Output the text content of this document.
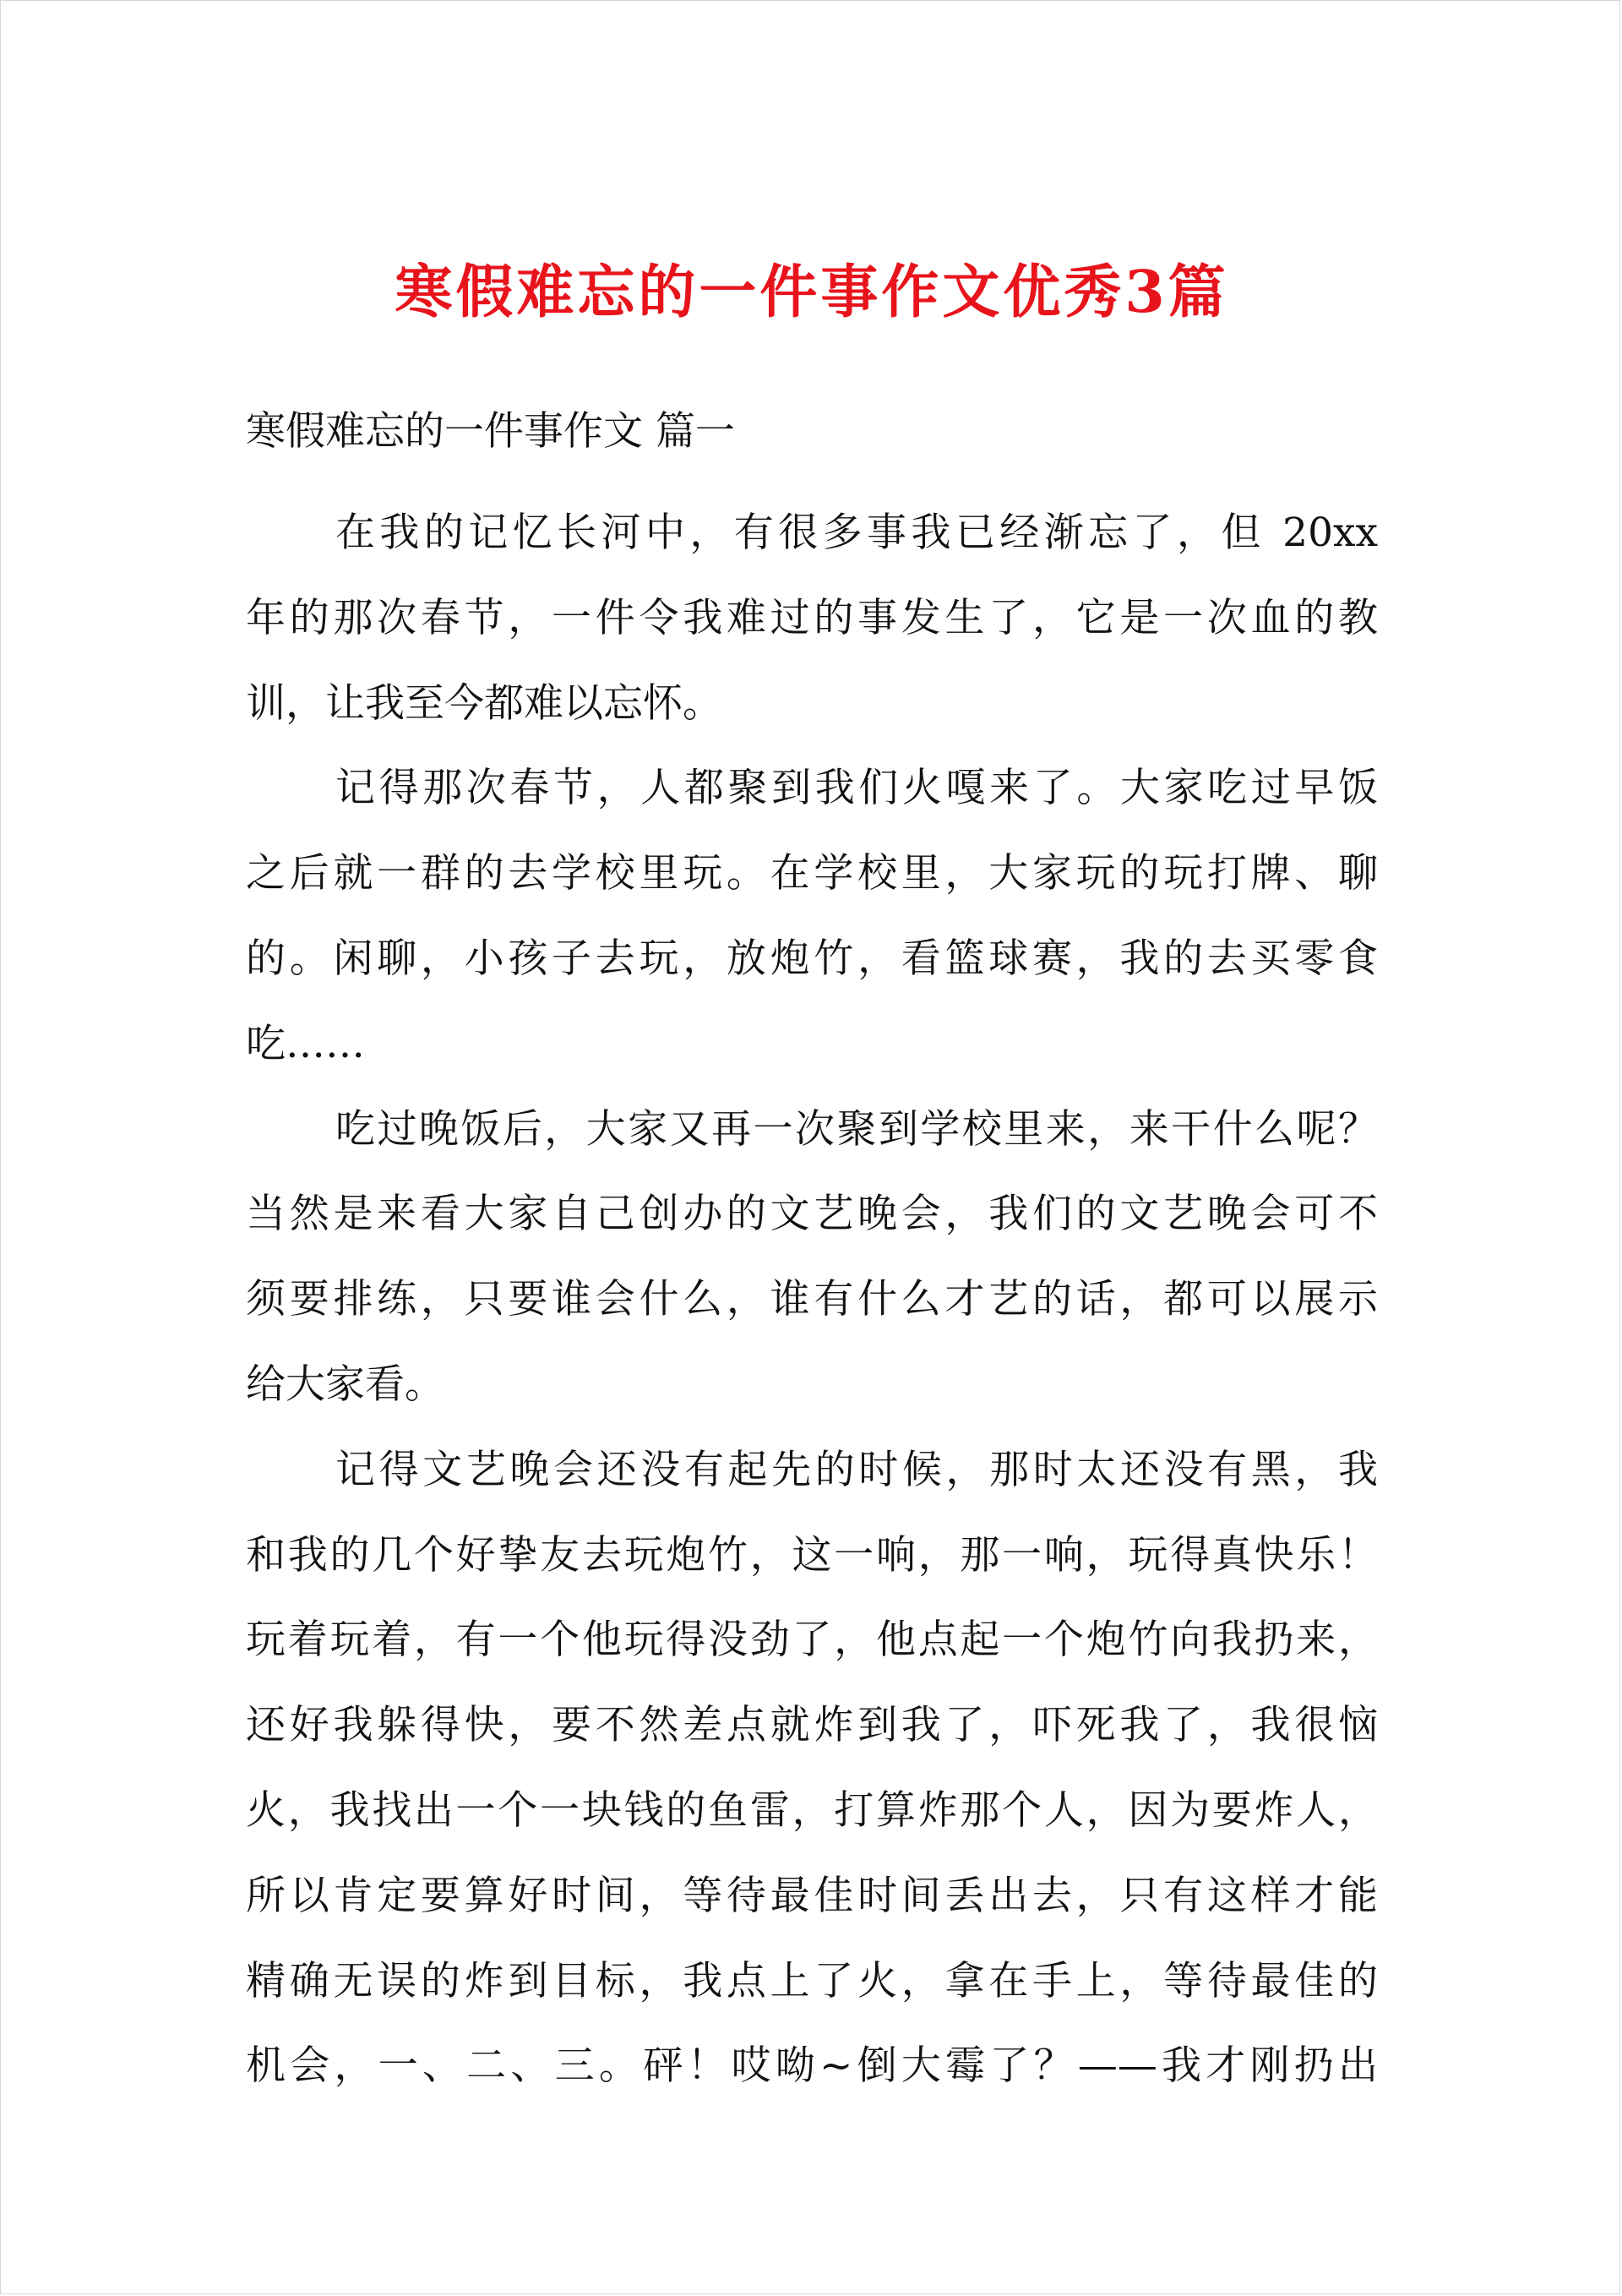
寒假难忘的一件事作文优秀3篇
寒假难忘的一件事作文 篇一

在我的记忆长河中，有很多事我已经渐忘了，但 20xx
年的那次春节，一件令我难过的事发生了，它是一次血的教
训，让我至今都难以忘怀。

记得那次春节，人都聚到我们火嘎来了。大家吃过早饭
之后就一群的去学校里玩。在学校里，大家玩的玩打牌、聊
的。闲聊，小孩子去玩，放炮竹，看篮球赛，我的去买零食
吃……

吃过晚饭后，大家又再一次聚到学校里来，来干什么呢？
当然是来看大家自己创办的文艺晚会，我们的文艺晚会可不
须要排练，只要谁会什么，谁有什么才艺的话，都可以展示
给大家看。

记得文艺晚会还没有起先的时候，那时太还没有黑，我
和我的几个好挚友去玩炮竹，这一响，那一响，玩得真快乐！
玩着玩着，有一个他玩得没劲了，他点起一个炮竹向我扔来，
还好我躲得快，要不然差点就炸到我了，吓死我了，我很恼
火，我找出一个一块钱的鱼雷，打算炸那个人，因为要炸人，
所以肯定要算好时间，等待最佳时间丢出去，只有这样才能
精确无误的炸到目标，我点上了火，拿在手上，等待最佳的
机会，一、二、三。砰！哎呦~倒大霉了？——我才刚扔出
